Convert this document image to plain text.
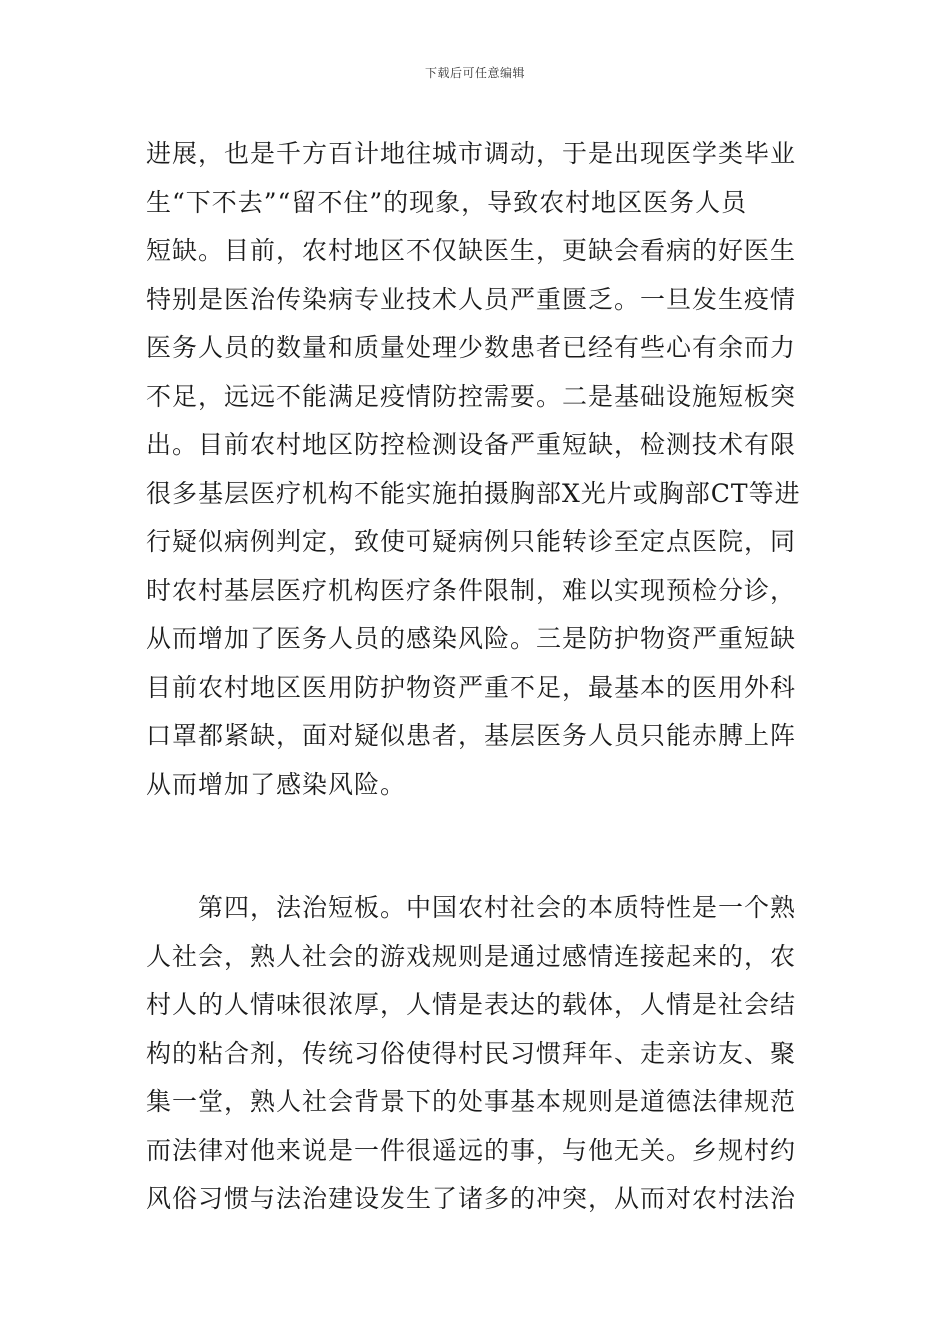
下载后可任意编辑
进展，也是千方百计地往城市调动，于是出现医学类毕业
生“下不去”“留不住”的现象，导致农村地区医务人员
短缺。目前，农村地区不仅缺医生，更缺会看病的好医生
特别是医治传染病专业技术人员严重匮乏。一旦发生疫情
医务人员的数量和质量处理少数患者已经有些心有余而力
不足，远远不能满足疫情防控需要。二是基础设施短板突
出。目前农村地区防控检测设备严重短缺，检测技术有限
很多基层医疗机构不能实施拍摄胸部X光片或胸部CT等进
行疑似病例判定，致使可疑病例只能转诊至定点医院，同
时农村基层医疗机构医疗条件限制，难以实现预检分诊，
从而增加了医务人员的感染风险。三是防护物资严重短缺
目前农村地区医用防护物资严重不足，最基本的医用外科
口罩都紧缺，面对疑似患者，基层医务人员只能赤膊上阵
从而增加了感染风险。
第四，法治短板。中国农村社会的本质特性是一个熟
人社会，熟人社会的游戏规则是通过感情连接起来的，农
村人的人情味很浓厚，人情是表达的载体，人情是社会结
构的粘合剂，传统习俗使得村民习惯拜年、走亲访友、聚
集一堂，熟人社会背景下的处事基本规则是道德法律规范
而法律对他来说是一件很遥远的事，与他无关。乡规村约
风俗习惯与法治建设发生了诸多的冲突，从而对农村法治
